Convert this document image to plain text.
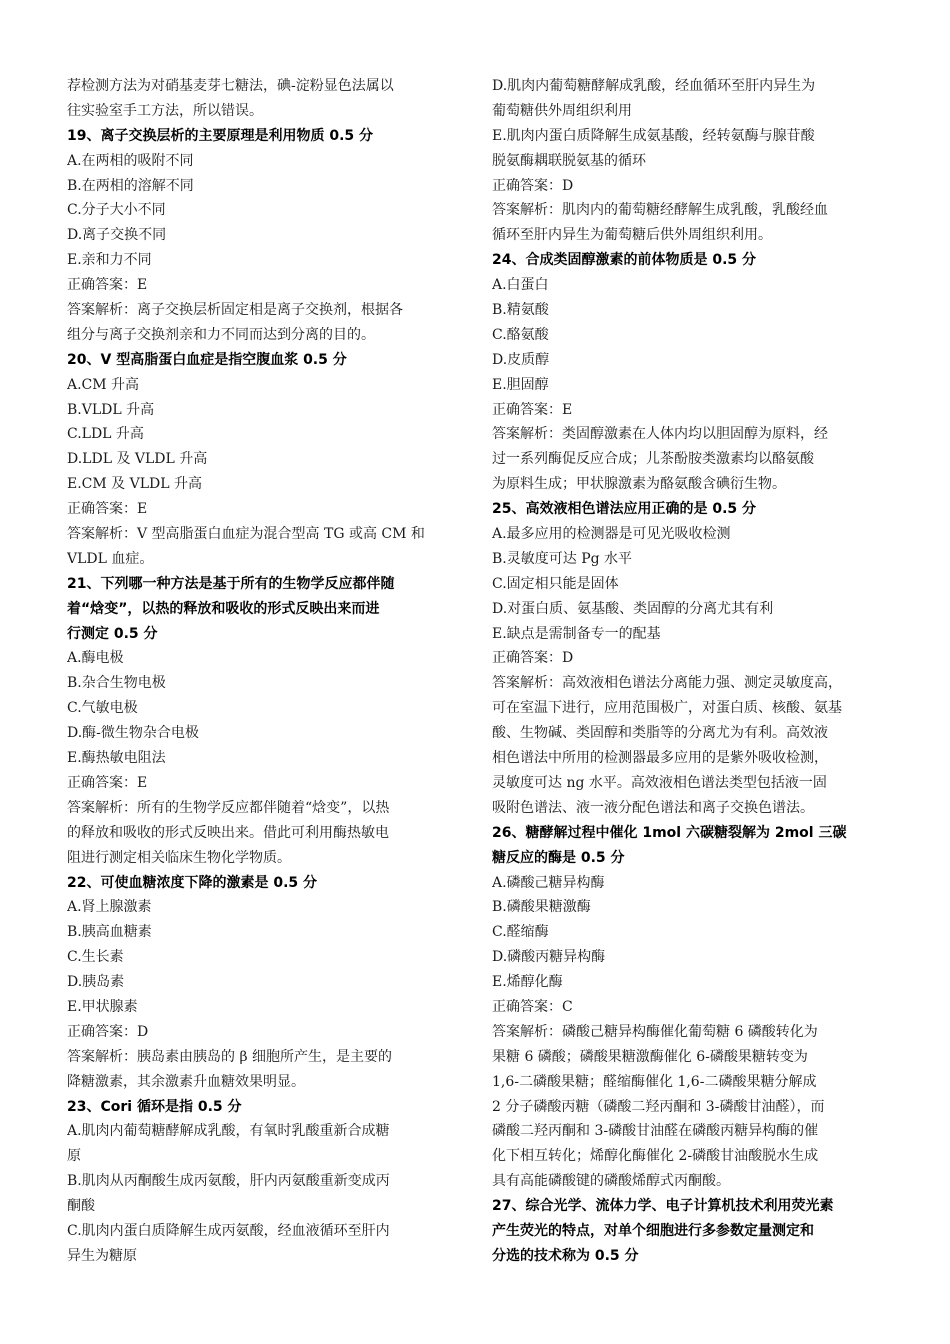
荐检测方法为对硝基麦芽七糖法，碘-淀粉显色法属以
往实验室手工方法，所以错误。
19、离子交换层析的主要原理是利用物质 0.5 分
A.在两相的吸附不同
B.在两相的溶解不同
C.分子大小不同
D.离子交换不同
E.亲和力不同
正确答案：E
答案解析：离子交换层析固定相是离子交换剂，根据各
组分与离子交换剂亲和力不同而达到分离的目的。
20、V 型高脂蛋白血症是指空腹血浆 0.5 分
A.CM 升高
B.VLDL 升高
C.LDL 升高
D.LDL 及 VLDL 升高
E.CM 及 VLDL 升高
正确答案：E
答案解析：V 型高脂蛋白血症为混合型高 TG 或高 CM 和
VLDL 血症。
21、下列哪一种方法是基于所有的生物学反应都伴随
着“焓变”，以热的释放和吸收的形式反映出来而进
行测定 0.5 分
A.酶电极
B.杂合生物电极
C.气敏电极
D.酶-微生物杂合电极
E.酶热敏电阻法
正确答案：E
答案解析：所有的生物学反应都伴随着“焓变”，以热
的释放和吸收的形式反映出来。借此可利用酶热敏电
阻进行测定相关临床生物化学物质。
22、可使血糖浓度下降的激素是 0.5 分
A.肾上腺激素
B.胰高血糖素
C.生长素
D.胰岛素
E.甲状腺素
正确答案：D
答案解析：胰岛素由胰岛的 β 细胞所产生，是主要的
降糖激素，其余激素升血糖效果明显。
23、Cori 循环是指 0.5 分
A.肌肉内葡萄糖酵解成乳酸，有氧时乳酸重新合成糖
原
B.肌肉从丙酮酸生成丙氨酸，肝内丙氨酸重新变成丙
酮酸
C.肌肉内蛋白质降解生成丙氨酸，经血液循环至肝内
异生为糖原
D.肌肉内葡萄糖酵解成乳酸，经血循环至肝内异生为
葡萄糖供外周组织利用
E.肌肉内蛋白质降解生成氨基酸，经转氨酶与腺苷酸
脱氨酶耦联脱氨基的循环
正确答案：D
答案解析：肌肉内的葡萄糖经酵解生成乳酸，乳酸经血
循环至肝内异生为葡萄糖后供外周组织利用。
24、合成类固醇激素的前体物质是 0.5 分
A.白蛋白
B.精氨酸
C.酪氨酸
D.皮质醇
E.胆固醇
正确答案：E
答案解析：类固醇激素在人体内均以胆固醇为原料，经
过一系列酶促反应合成；儿茶酚胺类激素均以酪氨酸
为原料生成；甲状腺激素为酪氨酸含碘衍生物。
25、高效液相色谱法应用正确的是 0.5 分
A.最多应用的检测器是可见光吸收检测
B.灵敏度可达 Pg 水平
C.固定相只能是固体
D.对蛋白质、氨基酸、类固醇的分离尤其有利
E.缺点是需制备专一的配基
正确答案：D
答案解析：高效液相色谱法分离能力强、测定灵敏度高，
可在室温下进行，应用范围极广，对蛋白质、核酸、氨基
酸、生物碱、类固醇和类脂等的分离尤为有利。高效液
相色谱法中所用的检测器最多应用的是紫外吸收检测，
灵敏度可达 ng 水平。高效液相色谱法类型包括液一固
吸附色谱法、液一液分配色谱法和离子交换色谱法。
26、糖酵解过程中催化 1mol 六碳糖裂解为 2mol 三碳
糖反应的酶是 0.5 分
A.磷酸己糖异构酶
B.磷酸果糖激酶
C.醛缩酶
D.磷酸丙糖异构酶
E.烯醇化酶
正确答案：C
答案解析：磷酸己糖异构酶催化葡萄糖 6 磷酸转化为
果糖 6 磷酸；磷酸果糖激酶催化 6-磷酸果糖转变为
1,6-二磷酸果糖；醛缩酶催化 1,6-二磷酸果糖分解成
2 分子磷酸丙糖（磷酸二羟丙酮和 3-磷酸甘油醛），而
磷酸二羟丙酮和 3-磷酸甘油醛在磷酸丙糖异构酶的催
化下相互转化；烯醇化酶催化 2-磷酸甘油酸脱水生成
具有高能磷酸键的磷酸烯醇式丙酮酸。
27、综合光学、流体力学、电子计算机技术利用荧光素
产生荧光的特点，对单个细胞进行多参数定量测定和
分选的技术称为 0.5 分
